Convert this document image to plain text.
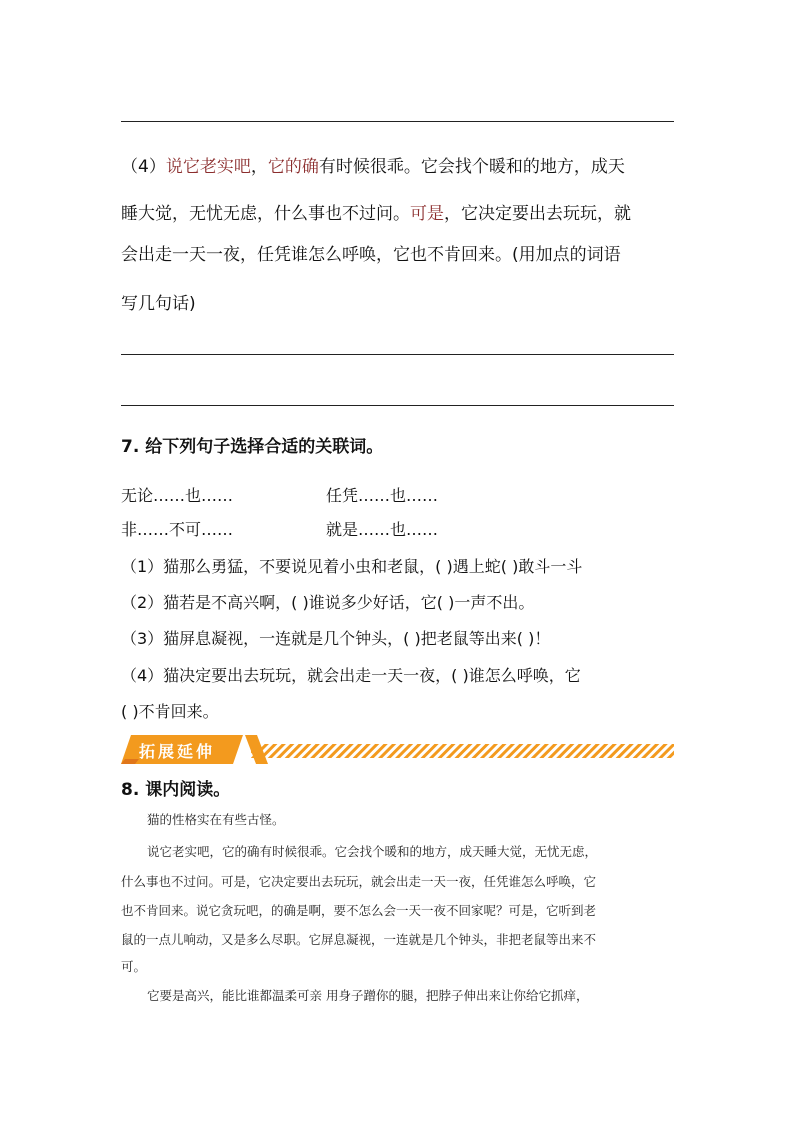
（4）说它老实吧，它的确有时候很乖。它会找个暖和的地方，成天
睡大觉，无忧无虑，什么事也不过问。可是，它决定要出去玩玩，就
会出走一天一夜，任凭谁怎么呼唤，它也不肯回来。(用加点的词语
写几句话)
7. 给下列句子选择合适的关联词。
无论……也……	任凭……也……
非……不可……	就是……也……
（1）猫那么勇猛，不要说见着小虫和老鼠，( )遇上蛇( )敢斗一斗
（2）猫若是不高兴啊，( )谁说多少好话，它( )一声不出。
（3）猫屏息凝视，一连就是几个钟头，( )把老鼠等出来( )！
（4）猫决定要出去玩玩，就会出走一天一夜，( )谁怎么呼唤，它
( )不肯回来。
拓展延伸
8. 课内阅读。
猫的性格实在有些古怪。
说它老实吧，它的确有时候很乖。它会找个暖和的地方，成天睡大觉，无忧无虑，
什么事也不过问。可是，它决定要出去玩玩，就会出走一天一夜，任凭谁怎么呼唤，它
也不肯回来。说它贪玩吧，的确是啊，要不怎么会一天一夜不回家呢？可是，它听到老
鼠的一点儿响动，又是多么尽职。它屏息凝视，一连就是几个钟头，非把老鼠等出来不
可。
它要是高兴，能比谁都温柔可亲 用身子蹭你的腿，把脖子伸出来让你给它抓痒，
